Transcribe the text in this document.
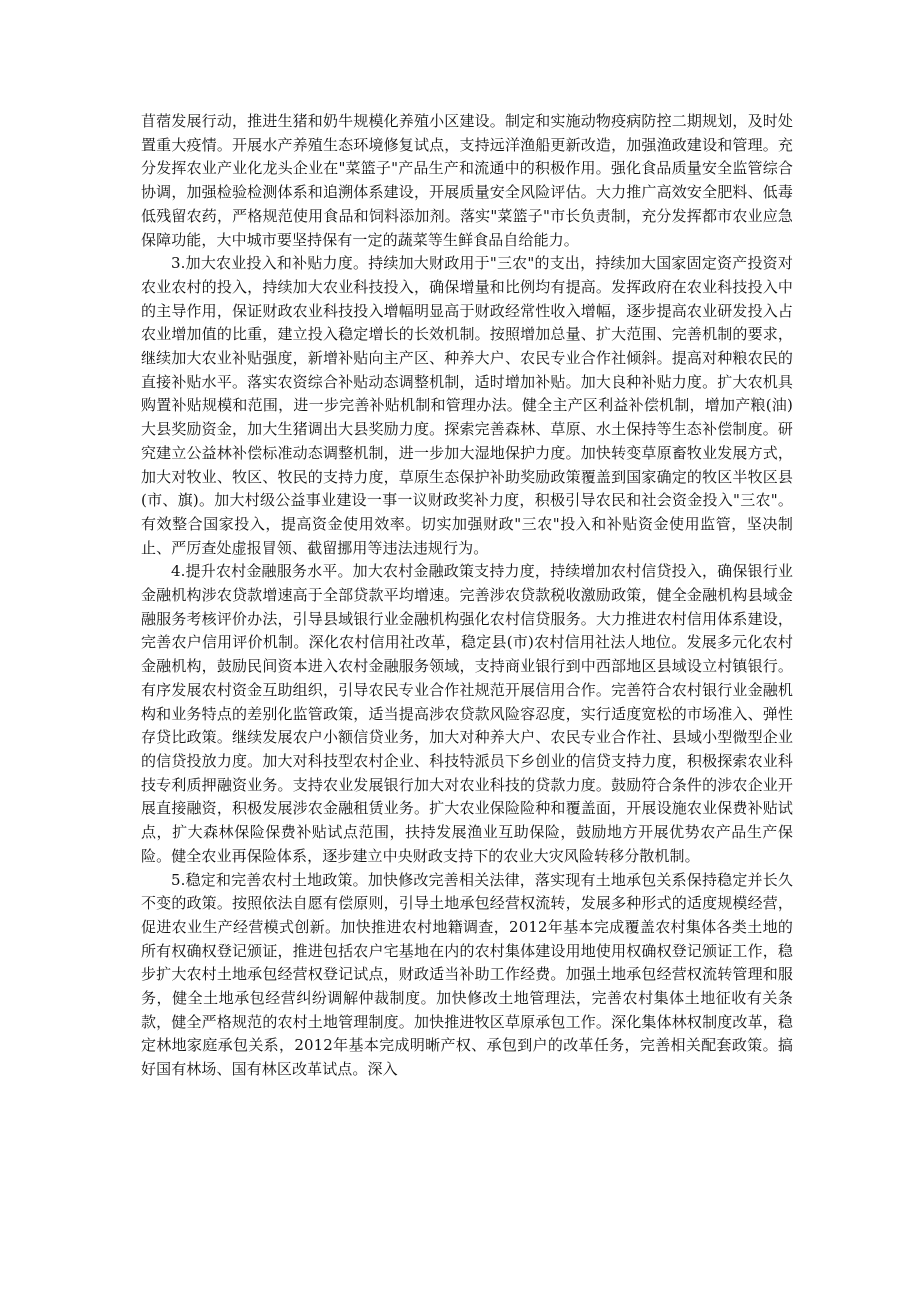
苜蓿发展行动，推进生猪和奶牛规模化养殖小区建设。制定和实施动物疫病防控二期规划，及时处置重大疫情。开展水产养殖生态环境修复试点，支持远洋渔船更新改造，加强渔政建设和管理。充分发挥农业产业化龙头企业在"菜篮子"产品生产和流通中的积极作用。强化食品质量安全监管综合协调，加强检验检测体系和追溯体系建设，开展质量安全风险评估。大力推广高效安全肥料、低毒低残留农药，严格规范使用食品和饲料添加剂。落实"菜篮子"市长负责制，充分发挥都市农业应急保障功能，大中城市要坚持保有一定的蔬菜等生鲜食品自给能力。

3.加大农业投入和补贴力度。持续加大财政用于"三农"的支出，持续加大国家固定资产投资对农业农村的投入，持续加大农业科技投入，确保增量和比例均有提高。发挥政府在农业科技投入中的主导作用，保证财政农业科技投入增幅明显高于财政经常性收入增幅，逐步提高农业研发投入占农业增加值的比重，建立投入稳定增长的长效机制。按照增加总量、扩大范围、完善机制的要求，继续加大农业补贴强度，新增补贴向主产区、种养大户、农民专业合作社倾斜。提高对种粮农民的直接补贴水平。落实农资综合补贴动态调整机制，适时增加补贴。加大良种补贴力度。扩大农机具购置补贴规模和范围，进一步完善补贴机制和管理办法。健全主产区利益补偿机制，增加产粮(油)大县奖励资金，加大生猪调出大县奖励力度。探索完善森林、草原、水土保持等生态补偿制度。研究建立公益林补偿标准动态调整机制，进一步加大湿地保护力度。加快转变草原畜牧业发展方式，加大对牧业、牧区、牧民的支持力度，草原生态保护补助奖励政策覆盖到国家确定的牧区半牧区县(市、旗)。加大村级公益事业建设一事一议财政奖补力度，积极引导农民和社会资金投入"三农"。有效整合国家投入，提高资金使用效率。切实加强财政"三农"投入和补贴资金使用监管，坚决制止、严厉查处虚报冒领、截留挪用等违法违规行为。

4.提升农村金融服务水平。加大农村金融政策支持力度，持续增加农村信贷投入，确保银行业金融机构涉农贷款增速高于全部贷款平均增速。完善涉农贷款税收激励政策，健全金融机构县域金融服务考核评价办法，引导县域银行业金融机构强化农村信贷服务。大力推进农村信用体系建设，完善农户信用评价机制。深化农村信用社改革，稳定县(市)农村信用社法人地位。发展多元化农村金融机构，鼓励民间资本进入农村金融服务领域，支持商业银行到中西部地区县域设立村镇银行。有序发展农村资金互助组织，引导农民专业合作社规范开展信用合作。完善符合农村银行业金融机构和业务特点的差别化监管政策，适当提高涉农贷款风险容忍度，实行适度宽松的市场准入、弹性存贷比政策。继续发展农户小额信贷业务，加大对种养大户、农民专业合作社、县域小型微型企业的信贷投放力度。加大对科技型农村企业、科技特派员下乡创业的信贷支持力度，积极探索农业科技专利质押融资业务。支持农业发展银行加大对农业科技的贷款力度。鼓励符合条件的涉农企业开展直接融资，积极发展涉农金融租赁业务。扩大农业保险险种和覆盖面，开展设施农业保费补贴试点，扩大森林保险保费补贴试点范围，扶持发展渔业互助保险，鼓励地方开展优势农产品生产保险。健全农业再保险体系，逐步建立中央财政支持下的农业大灾风险转移分散机制。

5.稳定和完善农村土地政策。加快修改完善相关法律，落实现有土地承包关系保持稳定并长久不变的政策。按照依法自愿有偿原则，引导土地承包经营权流转，发展多种形式的适度规模经营，促进农业生产经营模式创新。加快推进农村地籍调查，2012年基本完成覆盖农村集体各类土地的所有权确权登记颁证，推进包括农户宅基地在内的农村集体建设用地使用权确权登记颁证工作，稳步扩大农村土地承包经营权登记试点，财政适当补助工作经费。加强土地承包经营权流转管理和服务，健全土地承包经营纠纷调解仲裁制度。加快修改土地管理法，完善农村集体土地征收有关条款，健全严格规范的农村土地管理制度。加快推进牧区草原承包工作。深化集体林权制度改革，稳定林地家庭承包关系，2012年基本完成明晰产权、承包到户的改革任务，完善相关配套政策。搞好国有林场、国有林区改革试点。深入
